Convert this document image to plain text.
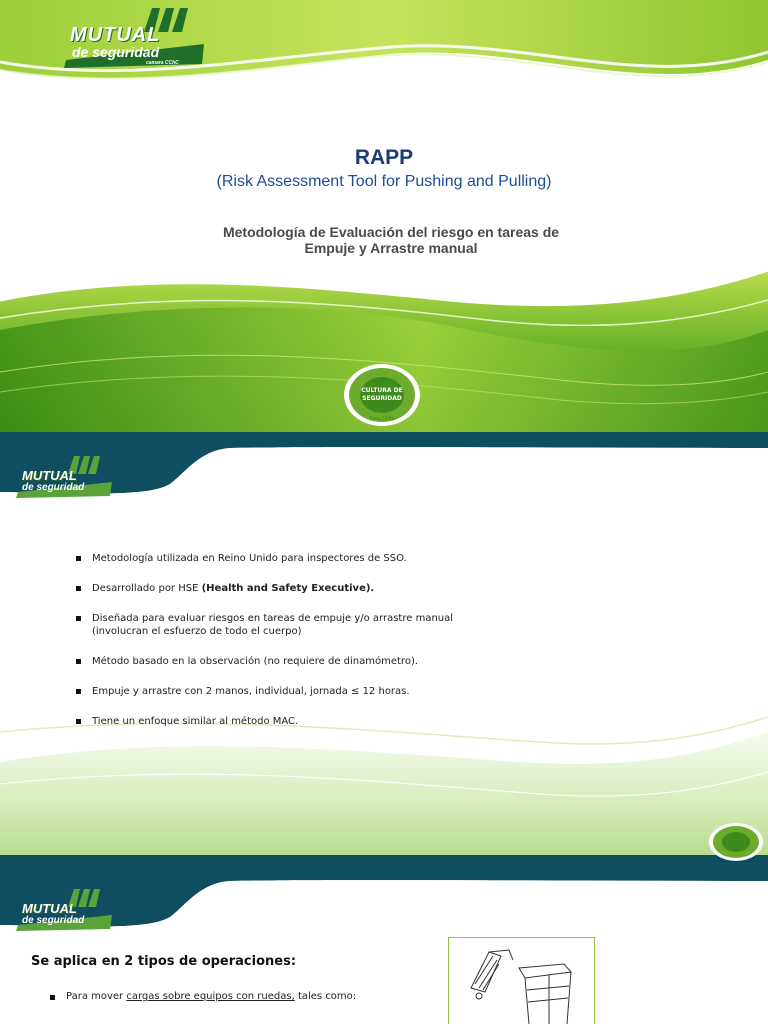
MUTUAL
de seguridad
camara CChC
RAPP
(Risk Assessment Tool for Pushing and Pulling)
Metodología de Evaluación del riesgo en tareas de
Empuje y Arrastre manual
CULTURA DE
SEGURIDAD
Para Chile
MUTUAL
de seguridad
Metodología utilizada en Reino Unido para inspectores de SSO.
Desarrollado por HSE (Health and Safety Executive).
Diseñada para evaluar riesgos en tareas de empuje y/o arrastre manual (involucran el esfuerzo de todo el cuerpo)
Método basado en la observación (no requiere de dinamómetro).
Empuje y arrastre con 2 manos, individual, jornada ≤ 12 horas.
Tiene un enfoque similar al método MAC.
MUTUAL
de seguridad
Se aplica en 2 tipos de operaciones:
Para mover cargas sobre equipos con ruedas, tales como:
